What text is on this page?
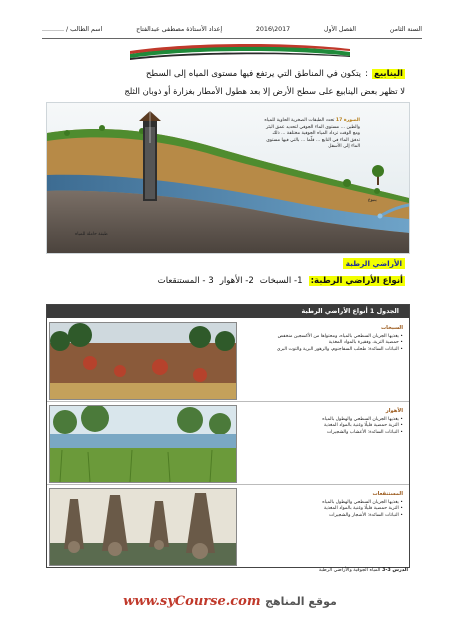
السنة الثامن
الفصل الأول
2017\2016
إعداد الأستاذة مصطفى عبدالفتاح
اسم الطالب / ...........
الينابيع
:
يتكون في المناطق التي يرتفع فيها مستوى المياه إلى السطح
لا تظهر بعض الينابيع على سطح الأرض إلا بعد هطول الأمطار بغزارة أو ذوبان الثلج
الصورة 17 تحدد الطبقات الصخرية الحاوية للمياه والطين ... مستوى الماء الجوفي لتحديد عمق البئر ومع الوقت تزداد المياه الجوفية مختلفة ... ذلك تدفق الماء في النابع ... قلّما ... بالتي فيها مستوى الماء إلى الأسفل
طبقة حاملة للمياه
ينبوع
الأراضي الرطبة
أنواع الأراضي الرطبة:
1- السبخات
2- الأهوار
3 - المستنقعات
الجدول 1 أنواع الأراضي الرطبة
السبخات
• يغذيها الجريان السطحي بالمياه، ومحتواها من الأكسجين منخفض
• حمضية التربة، وفقيرة بالمواد المغذية
• النباتات السائدة: طحلب السفاجنوم، والزهور البرية والتوت البري
الأهوار
• يغذيها الجريان السطحي والهطول بالمياه
• التربة حمضية قليلًا وغنية بالمواد المغذية
• النباتات السائدة: الأعشاب والشجيرات
المستنقعات
• يغذيها الجريان السطحي والهطول بالمياه
• التربة حمضية قليلًا وغنية بالمواد المغذية
• النباتات السائدة: الأشجار والشجيرات
الدرس 3-3 المياه الجوفية والأراضي الرطبة
www.syCourse.com موقع المناهج
